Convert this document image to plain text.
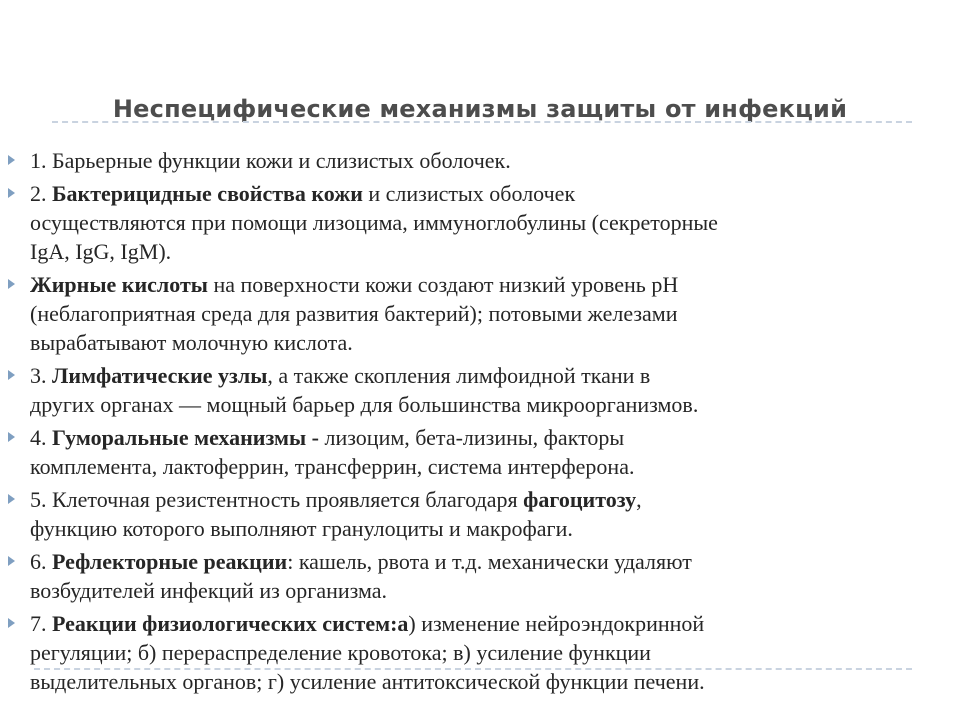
Неспецифические механизмы защиты от инфекций
1. Барьерные функции кожи и слизистых оболочек.
2. Бактерицидные свойства кожи и слизистых оболочек
осуществляются при помощи лизоцима, иммуноглобулины (секреторные
IgA, IgG, IgM).
Жирные кислоты на поверхности кожи создают низкий уровень рН
(неблагоприятная среда для развития бактерий); потовыми железами
вырабатывают молочную кислота.
3. Лимфатические узлы, а также скопления лимфоидной ткани в
других органах — мощный барьер для большинства микроорганизмов.
4. Гуморальные механизмы - лизоцим, бета-лизины, факторы
комплемента, лактоферрин, трансферрин, система интерферона.
5. Клеточная резистентность проявляется благодаря фагоцитозу,
функцию которого выполняют гранулоциты и макрофаги.
6. Рефлекторные реакции: кашель, рвота и т.д. механически удаляют
возбудителей инфекций из организма.
7. Реакции физиологических систем:а) изменение нейроэндокринной
регуляции; б) перераспределение кровотока; в) усиление функции
выделительных органов; г) усиление антитоксической функции печени.
